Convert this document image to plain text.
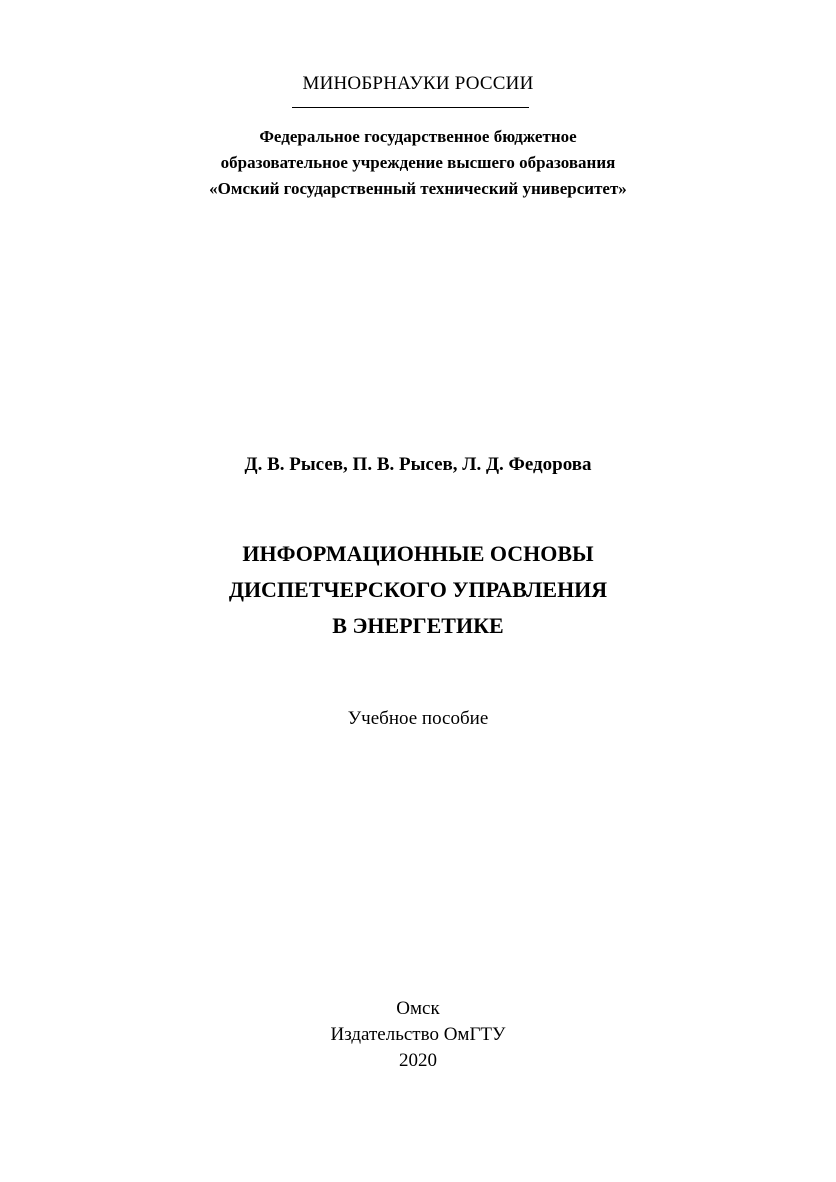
МИНОБРНАУКИ РОССИИ
Федеральное государственное бюджетное
образовательное учреждение высшего образования
«Омский государственный технический университет»
Д. В. Рысев, П. В. Рысев, Л. Д. Федорова
ИНФОРМАЦИОННЫЕ ОСНОВЫ
ДИСПЕТЧЕРСКОГО УПРАВЛЕНИЯ
В ЭНЕРГЕТИКЕ
Учебное пособие
Омск
Издательство ОмГТУ
2020
